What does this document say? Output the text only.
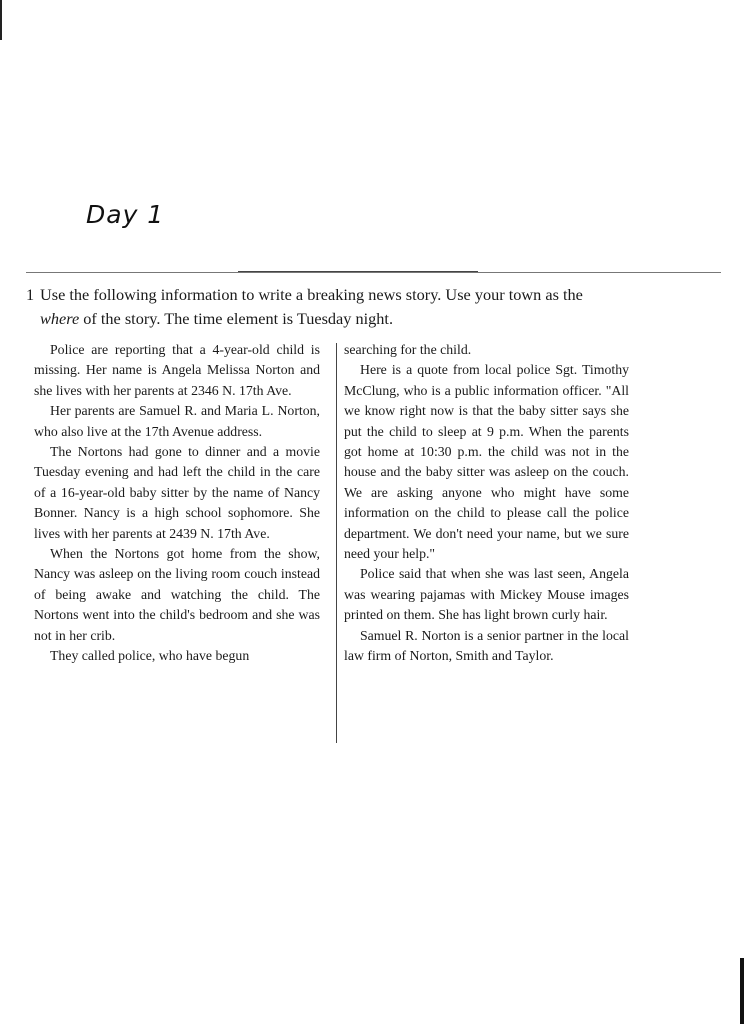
Day 1
1 Use the following information to write a breaking news story. Use your town as the
where of the story. The time element is Tuesday night.

Police are reporting that a 4-year-old child is missing. Her name is Angela Melissa Norton and she lives with her parents at 2346 N. 17th Ave.

Her parents are Samuel R. and Maria L. Norton, who also live at the 17th Avenue address.

The Nortons had gone to dinner and a movie Tuesday evening and had left the child in the care of a 16-year-old baby sitter by the name of Nancy Bonner. Nancy is a high school sophomore. She lives with her parents at 2439 N. 17th Ave.

When the Nortons got home from the show, Nancy was asleep on the living room couch instead of being awake and watching the child. The Nortons went into the child's bedroom and she was not in her crib.

They called police, who have begun

searching for the child.

Here is a quote from local police Sgt. Timothy McClung, who is a public information officer. "All we know right now is that the baby sitter says she put the child to sleep at 9 p.m. When the parents got home at 10:30 p.m. the child was not in the house and the baby sitter was asleep on the couch. We are asking anyone who might have some information on the child to please call the police department. We don't need your name, but we sure need your help."

Police said that when she was last seen, Angela was wearing pajamas with Mickey Mouse images printed on them. She has light brown curly hair.

Samuel R. Norton is a senior partner in the local law firm of Norton, Smith and Taylor.
